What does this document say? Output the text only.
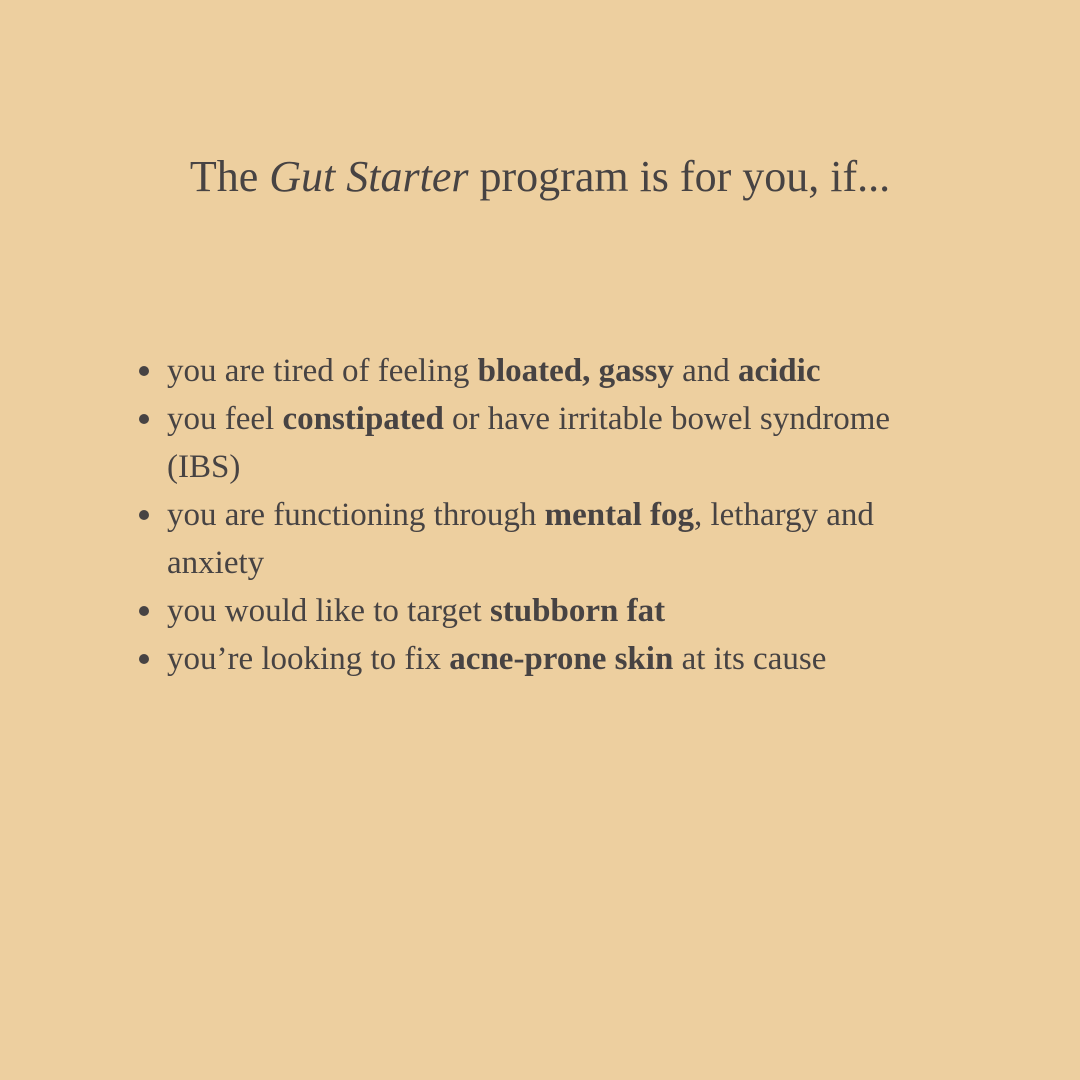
The Gut Starter program is for you, if...
you are tired of feeling bloated, gassy and acidic
you feel constipated or have irritable bowel syndrome (IBS)
you are functioning through mental fog, lethargy and anxiety
you would like to target stubborn fat
you’re looking to fix acne-prone skin at its cause
